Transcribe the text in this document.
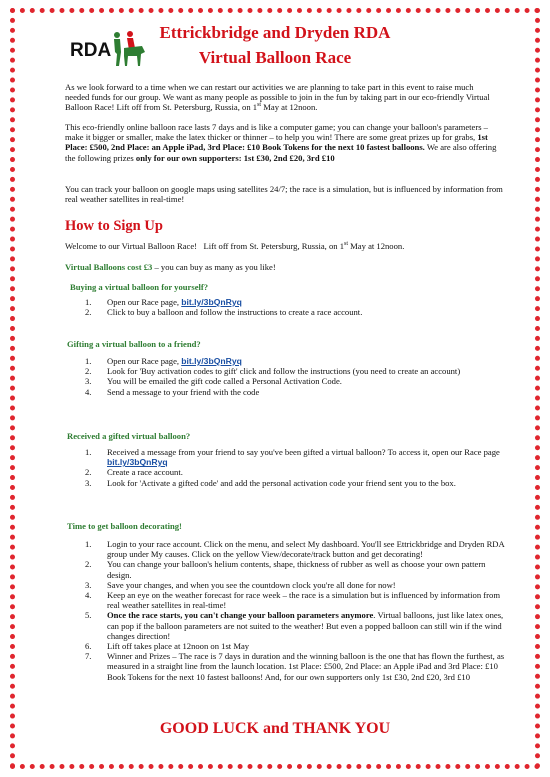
RDA
Ettrickbridge and Dryden RDA
Virtual Balloon Race

As we look forward to a time when we can restart our activities we are planning to take part in this event to raise much needed funds for our group. We want as many people as possible to join in the fun by taking part in our eco-friendly Virtual Balloon Race! Lift off from St. Petersburg, Russia, on 1st May at 12noon.

This eco-friendly online balloon race lasts 7 days and is like a computer game; you can change your balloon's parameters – make it bigger or smaller, make the latex thicker or thinner – to help you win! There are some great prizes up for grabs, 1st Place: £500, 2nd Place: an Apple iPad, 3rd Place: £10 Book Tokens for the next 10 fastest balloons. We are also offering the following prizes only for our own supporters: 1st £30, 2nd £20, 3rd £10

You can track your balloon on google maps using satellites 24/7; the race is a simulation, but is influenced by information from real weather satellites in real-time!

How to Sign Up

Welcome to our Virtual Balloon Race!   Lift off from St. Petersburg, Russia, on 1st May at 12noon.

Virtual Balloons cost £3 – you can buy as many as you like!

Buying a virtual balloon for yourself?
1. Open our Race page, bit.ly/3bQnRyq
2. Click to buy a balloon and follow the instructions to create a race account.
Gifting a virtual balloon to a friend?
1. Open our Race page, bit.ly/3bQnRyq
2. Look for 'Buy activation codes to gift' click and follow the instructions (you need to create an account)
3. You will be emailed the gift code called a Personal Activation Code.
4. Send a message to your friend with the code
Received a gifted virtual balloon?
1. Received a message from your friend to say you've been gifted a virtual balloon? To access it, open our Race page bit.ly/3bQnRyq
2. Create a race account.
3. Look for 'Activate a gifted code' and add the personal activation code your friend sent you to the box.
Time to get balloon decorating!
1. Login to your race account. Click on the menu, and select My dashboard. You'll see Ettrickbridge and Dryden RDA group under My causes. Click on the yellow View/decorate/track button and get decorating!
2. You can change your balloon's helium contents, shape, thickness of rubber as well as choose your own pattern design.
3. Save your changes, and when you see the countdown clock you're all done for now!
4. Keep an eye on the weather forecast for race week – the race is a simulation but is influenced by information from real weather satellites in real-time!
5. Once the race starts, you can't change your balloon parameters anymore. Virtual balloons, just like latex ones, can pop if the balloon parameters are not suited to the weather! But even a popped balloon can still win if the wind changes direction!
6. Lift off takes place at 12noon on 1st May
7. Winner and Prizes – The race is 7 days in duration and the winning balloon is the one that has flown the furthest, as measured in a straight line from the launch location. 1st Place: £500, 2nd Place: an Apple iPad and 3rd Place: £10 Book Tokens for the next 10 fastest balloons! And, for our own supporters only 1st £30, 2nd £20, 3rd £10
GOOD LUCK and THANK YOU
